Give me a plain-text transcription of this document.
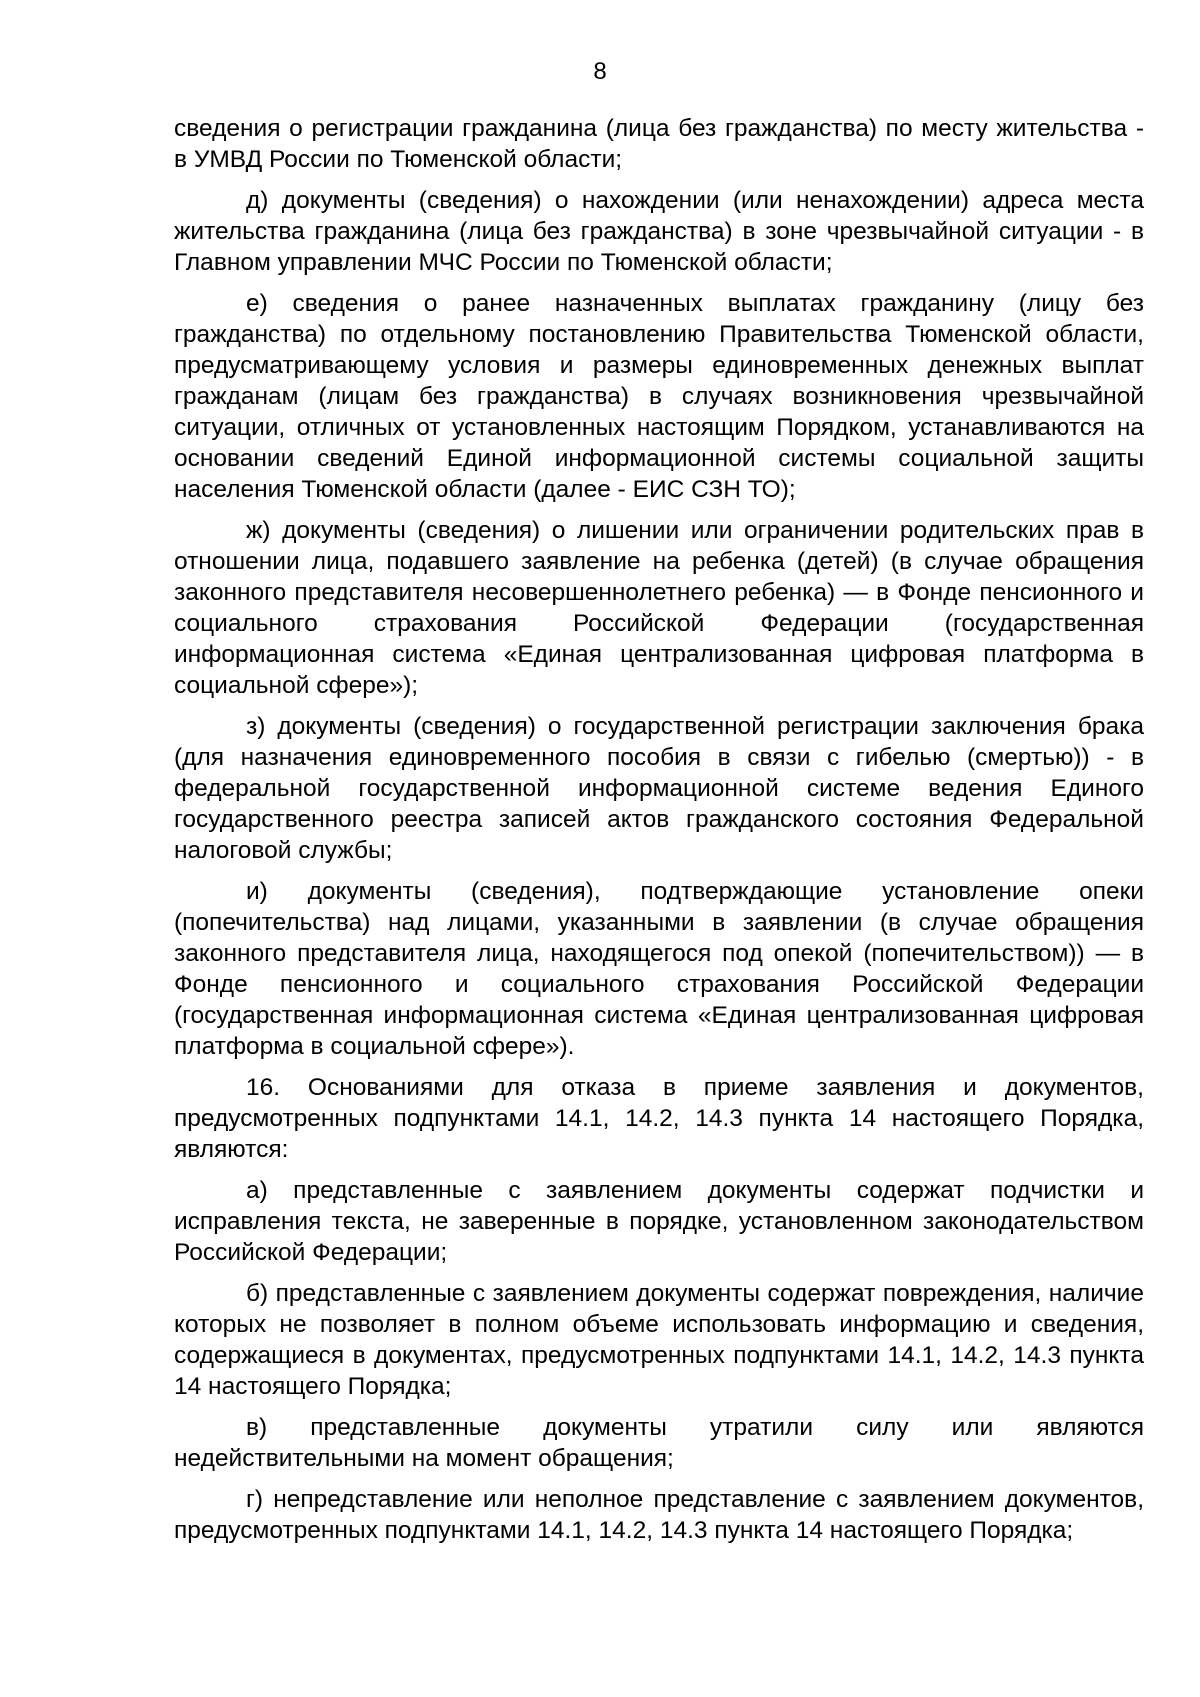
8

сведения о регистрации гражданина (лица без гражданства) по месту жительства - в УМВД России по Тюменской области;

д) документы (сведения) о нахождении (или ненахождении) адреса места жительства гражданина (лица без гражданства) в зоне чрезвычайной ситуации - в Главном управлении МЧС России по Тюменской области;

е) сведения о ранее назначенных выплатах гражданину (лицу без гражданства) по отдельному постановлению Правительства Тюменской области, предусматривающему условия и размеры единовременных денежных выплат гражданам (лицам без гражданства) в случаях возникновения чрезвычайной ситуации, отличных от установленных настоящим Порядком, устанавливаются на основании сведений Единой информационной системы социальной защиты населения Тюменской области (далее - ЕИС СЗН ТО);

ж) документы (сведения) о лишении или ограничении родительских прав в отношении лица, подавшего заявление на ребенка (детей) (в случае обращения законного представителя несовершеннолетнего ребенка) — в Фонде пенсионного и социального страхования Российской Федерации (государственная информационная система «Единая централизованная цифровая платформа в социальной сфере»);

з) документы (сведения) о государственной регистрации заключения брака (для назначения единовременного пособия в связи с гибелью (смертью)) - в федеральной государственной информационной системе ведения Единого государственного реестра записей актов гражданского состояния Федеральной налоговой службы;

и) документы (сведения), подтверждающие установление опеки (попечительства) над лицами, указанными в заявлении (в случае обращения законного представителя лица, находящегося под опекой (попечительством)) — в Фонде пенсионного и социального страхования Российской Федерации (государственная информационная система «Единая централизованная цифровая платформа в социальной сфере»).

16. Основаниями для отказа в приеме заявления и документов, предусмотренных подпунктами 14.1, 14.2, 14.3 пункта 14 настоящего Порядка, являются:

а) представленные с заявлением документы содержат подчистки и исправления текста, не заверенные в порядке, установленном законодательством Российской Федерации;

б) представленные с заявлением документы содержат повреждения, наличие которых не позволяет в полном объеме использовать информацию и сведения, содержащиеся в документах, предусмотренных подпунктами 14.1, 14.2, 14.3 пункта 14 настоящего Порядка;

в) представленные документы утратили силу или являются недействительными на момент обращения;

г) непредставление или неполное представление с заявлением документов, предусмотренных подпунктами 14.1, 14.2, 14.3 пункта 14 настоящего Порядка;
